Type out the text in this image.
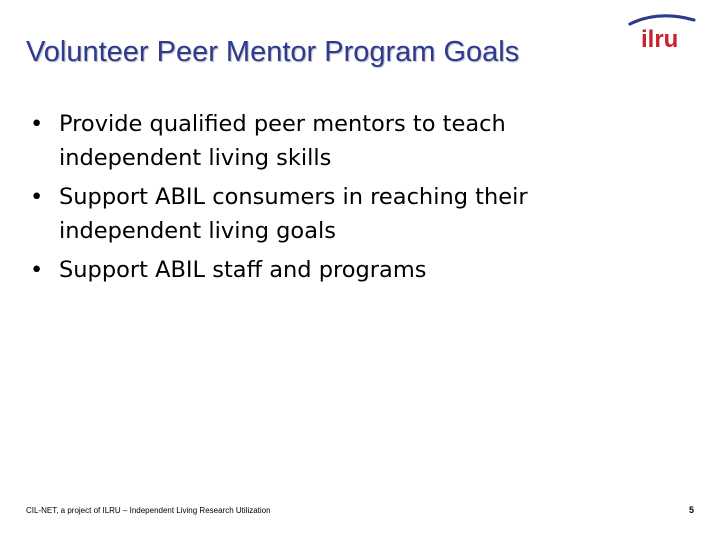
Volunteer Peer Mentor Program Goals	ilru
• Provide qualified peer mentors to teach independent living skills
• Support ABIL consumers in reaching their independent living goals
• Support ABIL staff and programs
CIL-NET, a project of ILRU – Independent Living Research Utilization	5
